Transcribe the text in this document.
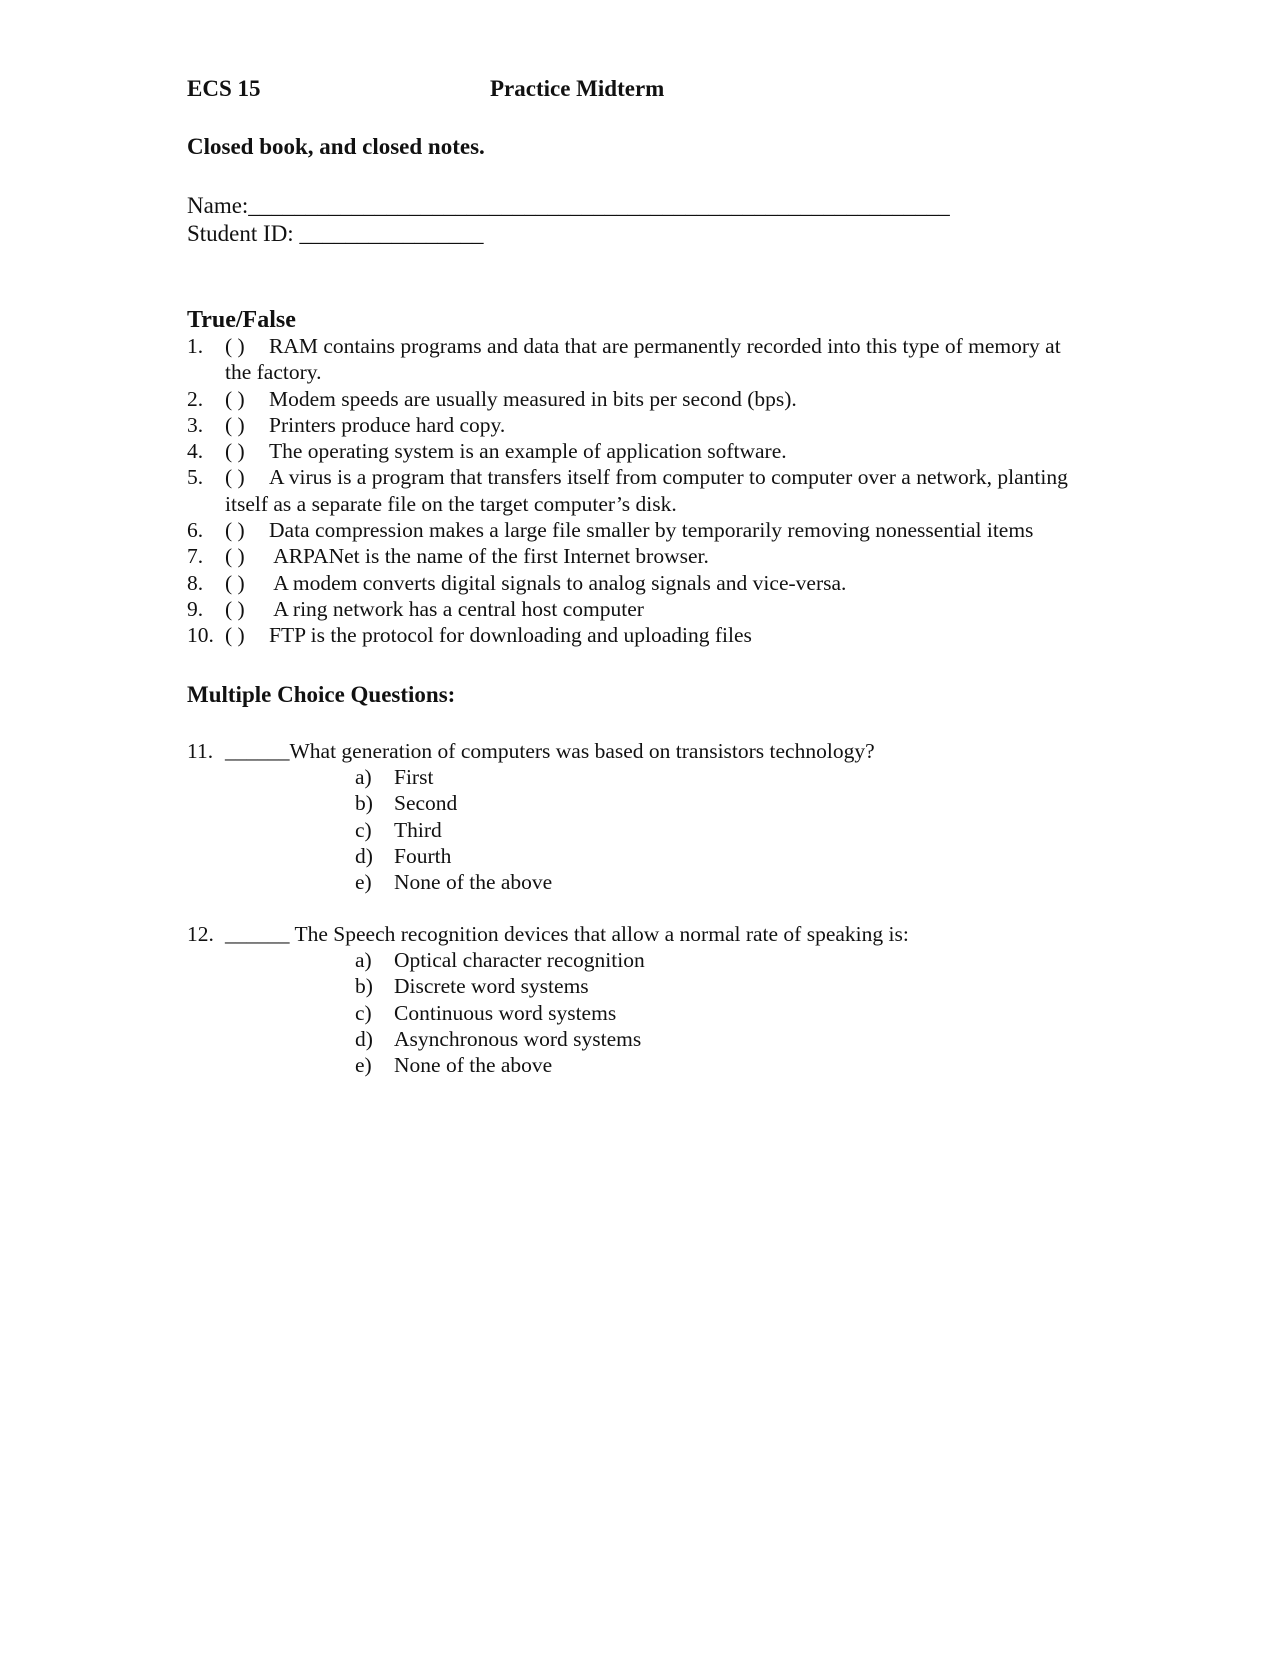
ECS 15	Practice Midterm
Closed book, and closed notes.
Name:_____________________________________________________________
Student ID: ________________
True/False
1. ( ) RAM contains programs and data that are permanently recorded into this type of memory at
the factory.
2. ( ) Modem speeds are usually measured in bits per second (bps).
3. ( ) Printers produce hard copy.
4. ( ) The operating system is an example of application software.
5. ( ) A virus is a program that transfers itself from computer to computer over a network, planting
itself as a separate file on the target computer’s disk.
6. ( ) Data compression makes a large file smaller by temporarily removing nonessential items
7. ( ) ARPANet is the name of the first Internet browser.
8. ( ) A modem converts digital signals to analog signals and vice-versa.
9. ( ) A ring network has a central host computer
10. ( ) FTP is the protocol for downloading and uploading files
Multiple Choice Questions:
11. ______What generation of computers was based on transistors technology?
a) First
b) Second
c) Third
d) Fourth
e) None of the above
12. ______ The Speech recognition devices that allow a normal rate of speaking is:
a) Optical character recognition
b) Discrete word systems
c) Continuous word systems
d) Asynchronous word systems
e) None of the above
